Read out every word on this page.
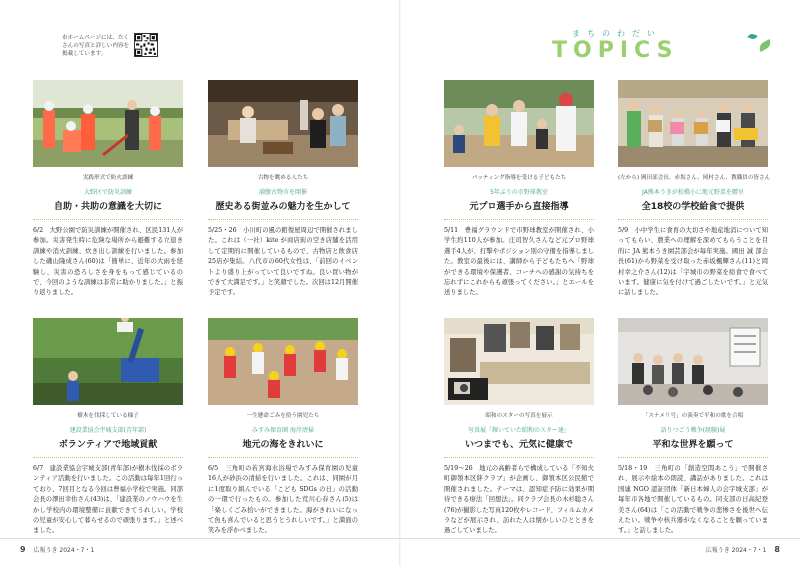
市ホームページには、たくさんの写真と詳しい内容を掲載しています。
まちのわだい
TOPICS
実践形式で防火訓練
大野区で防災訓練
自助・共助の意識を大切に
6/2　大野公園で防災訓練が開催され、区民131人が参加。災害発生時に危険な場所から避難する立退き訓練や消火訓練、炊き出し訓練を行いました。参加した磯山隆成さん(60)は「簡単に、近年の大雨を経験し、災害の恐ろしさを身をもって感じているので、今回のような訓練は非常に助かりました。」と振り返りました。
古物を眺める人たち
満腹古物市を開催
歴史ある街並みの魅力を生かして
5/25・26　小川町の風の館復屋周辺で開催されました。これは（一社）kite が商店街の空き店舗を活用して定期的に開催しているもので、古物店と飲食店25店が集結。八代市の60代女性は、「前回のイベントより盛り上がっていて良いですね。良い買い物ができて大満足です。」と笑顔でした。次回は12月開催予定です。
バッティング指導を受ける子どもたち
5年ぶりの市野球教室
元プロ選手から直接指導
5/11　豊福グラウンドで市野球教室が開催され、小学生約110人が参加。庄司智久さんなど元プロ野球選手4人が、打撃やポジション別の守備を指導しました。教室の最後には、講師から子どもたちへ「野球ができる環境や保護者、コーチへの感謝の気持ちを忘れずにこれからも頑張ってください。」とエールを送りました。
(左から) 國田部会長、赤坂さん、岡村さん、教職員の皆さん
JA熊本うきが松橋小に地元野菜を贈呈
全18校の学校給食で提供
5/9　小中学生に食育の大切さや地産地消について知ってもらい、農業への理解を深めてもらうことを目的に JA 熊本うき園芸部会が毎年実施。國田 誠 部会長(61)から野菜を受け取った赤坂楓輝さん(11)と岡村幸之介さん(12)は「宇城市の野菜を給食で食べています。健康に気を付けて過ごしたいです。」と元気に話しました。
樹木を伐採している様子
建設業協会宇城支部(青年部)
ボランティアで地域貢献
6/7　建設業協会宇城支部(青年部)が樹木伐採のボランティア活動を行いました。この活動は毎年1回行っており、7回目となる今回は豊福小学校で実施。同部会長の澤田幸佑さん(43)は、「建設業のノウハウを生かし学校内の環境整備に貢献できてうれしい。学校の児童が安心して暮らせるので頑張ります。」と述べました。
一生懸命ごみを拾う園児たち
みすみ保育園 海岸清掃
地元の海をきれいに
6/5　三角町の若宮海水浴場でみすみ保育園の児童16人が砂浜の清掃を行いました。これは、同園が月に1度取り組んでいる「こども SDGs の日」の活動の一環で行ったもの。参加した荒川心春さん(5)は「楽しくごみ拾いができました。海がきれいになって魚も喜んでいると思うとうれしいです。」と満面の笑みを浮かべました。
昭和のスターの写真を展示
写真展「輝いていた昭和のスター達」
いつまでも、元気に健康で
5/19～26　地元の高齢者らで構成している「不知火町御領本区絆クラブ」が企画し、御領本区公民館で開催されました。テーマは、認知症予防に効果が期待できる療法「回想法」。同クラブ会長の木杉聡さん(76)が撮影した写真120枚やレコード、フィルムカメラなどが展示され、訪れた人は懐かしいひとときを過ごしていました。
「スナメリ号」の演奏で平和の歌を合唱
語りつごう戦争(経験)展
平和な世界を願って
5/18・19　三角町の「創造空間あこう」で開催され、展示や絵本の朗読、講話がありました。これは国連 NGO 認証団体「新日本婦人の会宇城支部」が毎年市各地で開催しているもの。同支部の日高紀登美さん(64)は「この活動で戦争の悲惨さを後世へ伝えたい。戦争や核兵器がなくなることを願っています。」と話しました。
9 広報うき 2024・7・1	広報うき 2024・7・1 8
